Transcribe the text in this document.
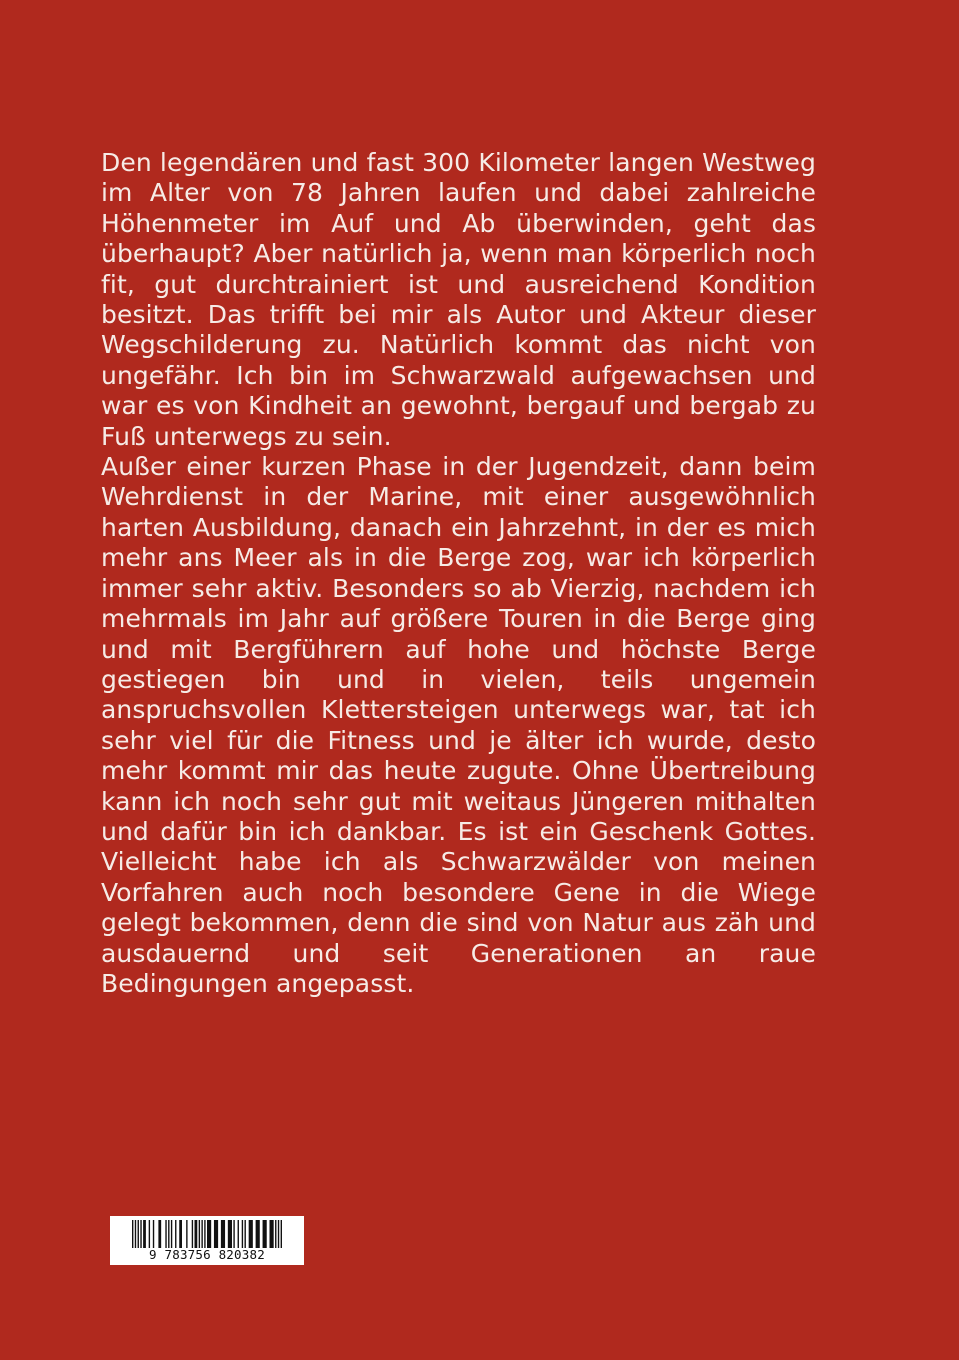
Den legendären und fast 300 Kilometer langen Westweg im Alter von 78 Jahren laufen und dabei zahlreiche Höhenmeter im Auf und Ab überwinden, geht das überhaupt? Aber natürlich ja, wenn man körperlich noch fit, gut durchtrainiert ist und ausreichend Kondition besitzt. Das trifft bei mir als Autor und Akteur dieser Wegschilderung zu. Natürlich kommt das nicht von ungefähr. Ich bin im Schwarzwald aufgewachsen und war es von Kindheit an gewohnt, bergauf und bergab zu Fuß unterwegs zu sein.

Außer einer kurzen Phase in der Jugendzeit, dann beim Wehrdienst in der Marine, mit einer ausgewöhnlich harten Ausbildung, danach ein Jahrzehnt, in der es mich mehr ans Meer als in die Berge zog, war ich körperlich immer sehr aktiv. Besonders so ab Vierzig, nachdem ich mehrmals im Jahr auf größere Touren in die Berge ging und mit Bergführern auf hohe und höchste Berge gestiegen bin und in vielen, teils ungemein anspruchsvollen Klettersteigen unterwegs war, tat ich sehr viel für die Fitness und je älter ich wurde, desto mehr kommt mir das heute zugute. Ohne Übertreibung kann ich noch sehr gut mit weitaus Jüngeren mithalten und dafür bin ich dankbar. Es ist ein Geschenk Gottes. Vielleicht habe ich als Schwarzwälder von meinen Vorfahren auch noch besondere Gene in die Wiege gelegt bekommen, denn die sind von Natur aus zäh und ausdauernd und seit Generationen an raue Bedingungen angepasst.

9 783756 820382
